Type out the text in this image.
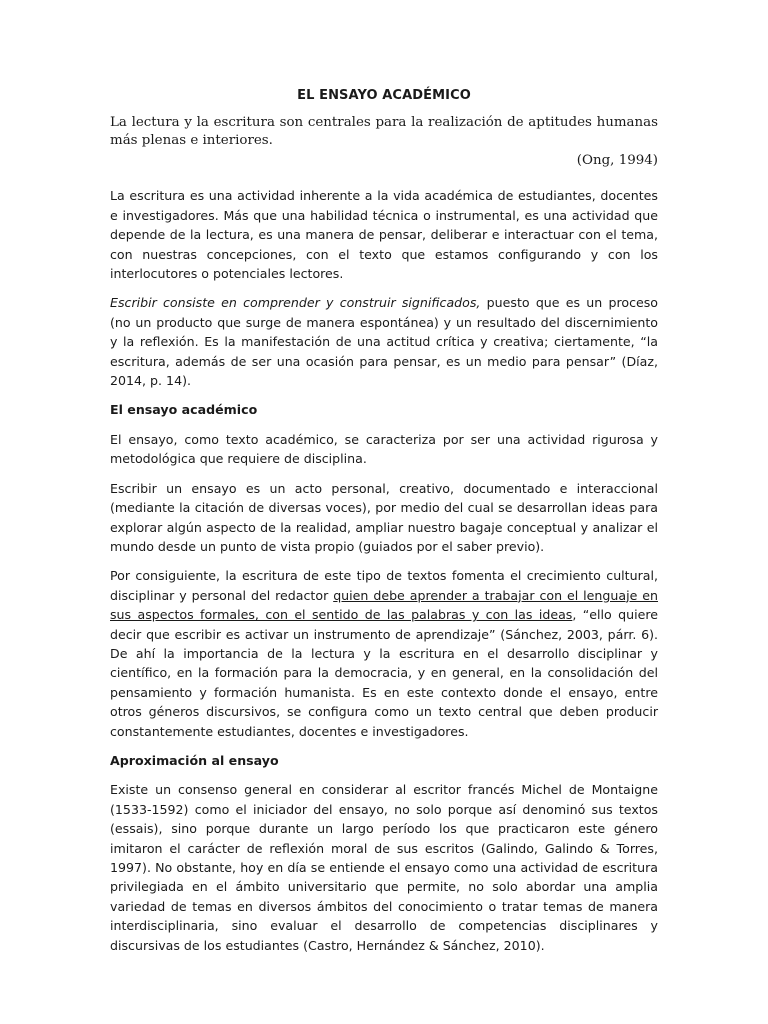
EL ENSAYO ACADÉMICO

La lectura y la escritura son centrales para la realización de aptitudes humanas más plenas e interiores.

(Ong, 1994)

La escritura es una actividad inherente a la vida académica de estudiantes, docentes e investigadores. Más que una habilidad técnica o instrumental, es una actividad que depende de la lectura, es una manera de pensar, deliberar e interactuar con el tema, con nuestras concepciones, con el texto que estamos configurando y con los interlocutores o potenciales lectores.

Escribir consiste en comprender y construir significados, puesto que es un proceso (no un producto que surge de manera espontánea) y un resultado del discernimiento y la reflexión. Es la manifestación de una actitud crítica y creativa; ciertamente, “la escritura, además de ser una ocasión para pensar, es un medio para pensar” (Díaz, 2014, p. 14).

El ensayo académico

El ensayo, como texto académico, se caracteriza por ser una actividad rigurosa y metodológica que requiere de disciplina.

Escribir un ensayo es un acto personal, creativo, documentado e interaccional (mediante la citación de diversas voces), por medio del cual se desarrollan ideas para explorar algún aspecto de la realidad, ampliar nuestro bagaje conceptual y analizar el mundo desde un punto de vista propio (guiados por el saber previo).

Por consiguiente, la escritura de este tipo de textos fomenta el crecimiento cultural, disciplinar y personal del redactor quien debe aprender a trabajar con el lenguaje en sus aspectos formales, con el sentido de las palabras y con las ideas, “ello quiere decir que escribir es activar un instrumento de aprendizaje” (Sánchez, 2003, párr. 6). De ahí la importancia de la lectura y la escritura en el desarrollo disciplinar y científico, en la formación para la democracia, y en general, en la consolidación del pensamiento y formación humanista. Es en este contexto donde el ensayo, entre otros géneros discursivos, se configura como un texto central que deben producir constantemente estudiantes, docentes e investigadores.

Aproximación al ensayo

Existe un consenso general en considerar al escritor francés Michel de Montaigne (1533-1592) como el iniciador del ensayo, no solo porque así denominó sus textos (essais), sino porque durante un largo período los que practicaron este género imitaron el carácter de reflexión moral de sus escritos (Galindo, Galindo & Torres, 1997). No obstante, hoy en día se entiende el ensayo como una actividad de escritura privilegiada en el ámbito universitario que permite, no solo abordar una amplia variedad de temas en diversos ámbitos del conocimiento o tratar temas de manera interdisciplinaria, sino evaluar el desarrollo de competencias disciplinares y discursivas de los estudiantes (Castro, Hernández & Sánchez, 2010).
